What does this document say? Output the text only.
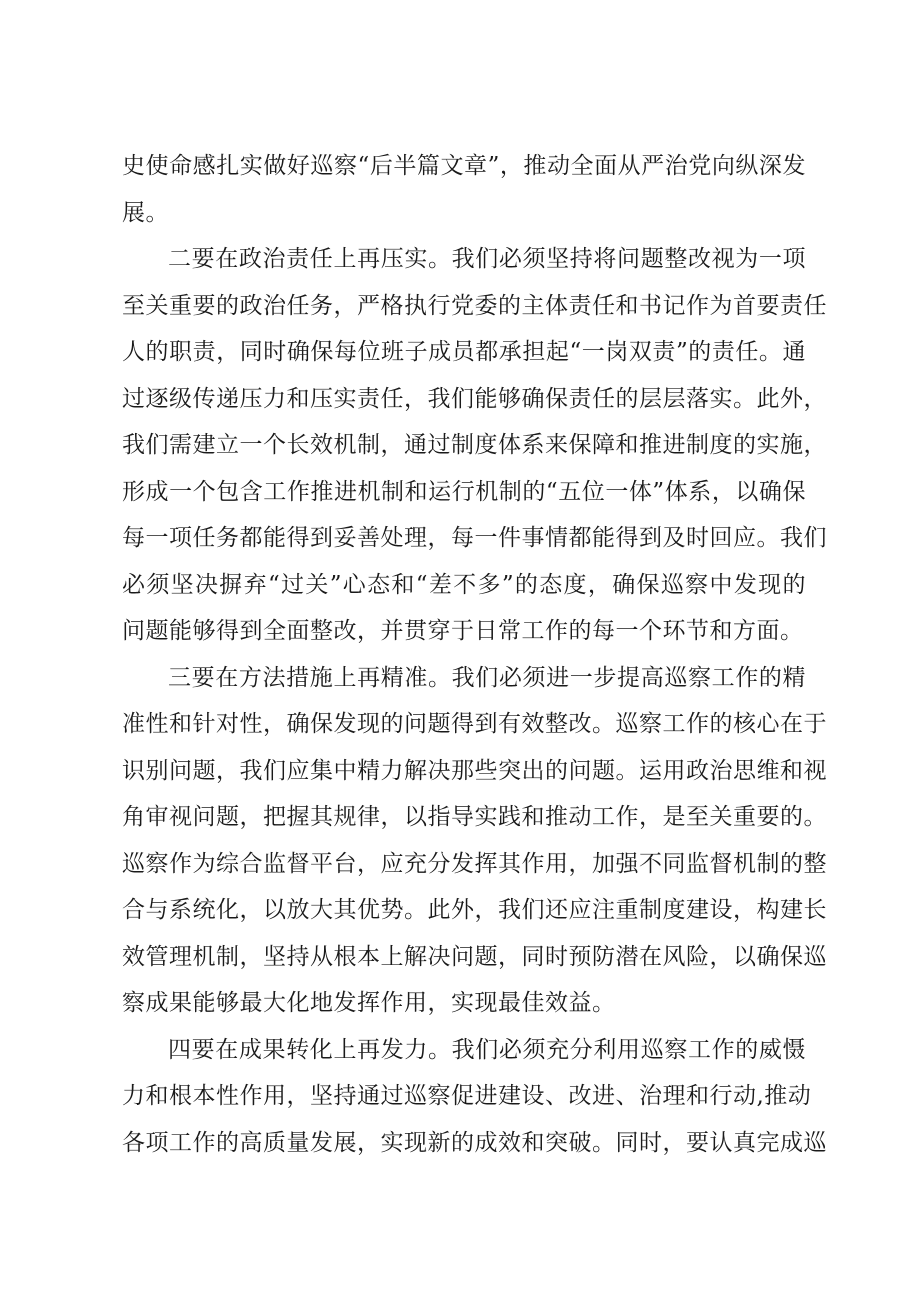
史使命感扎实做好巡察“后半篇文章”，推动全面从严治党向纵深发
展。
二要在政治责任上再压实。我们必须坚持将问题整改视为一项
至关重要的政治任务，严格执行党委的主体责任和书记作为首要责任
人的职责，同时确保每位班子成员都承担起“一岗双责”的责任。通
过逐级传递压力和压实责任，我们能够确保责任的层层落实。此外，
我们需建立一个长效机制，通过制度体系来保障和推进制度的实施，
形成一个包含工作推进机制和运行机制的“五位一体”体系，以确保
每一项任务都能得到妥善处理，每一件事情都能得到及时回应。我们
必须坚决摒弃“过关”心态和“差不多”的态度，确保巡察中发现的
问题能够得到全面整改，并贯穿于日常工作的每一个环节和方面。
三要在方法措施上再精准。我们必须进一步提高巡察工作的精
准性和针对性，确保发现的问题得到有效整改。巡察工作的核心在于
识别问题，我们应集中精力解决那些突出的问题。运用政治思维和视
角审视问题，把握其规律，以指导实践和推动工作，是至关重要的。
巡察作为综合监督平台，应充分发挥其作用，加强不同监督机制的整
合与系统化，以放大其优势。此外，我们还应注重制度建设，构建长
效管理机制，坚持从根本上解决问题，同时预防潜在风险，以确保巡
察成果能够最大化地发挥作用，实现最佳效益。
四要在成果转化上再发力。我们必须充分利用巡察工作的威慑
力和根本性作用，坚持通过巡察促进建设、改进、治理和行动,推动
各项工作的高质量发展，实现新的成效和突破。同时，要认真完成巡
